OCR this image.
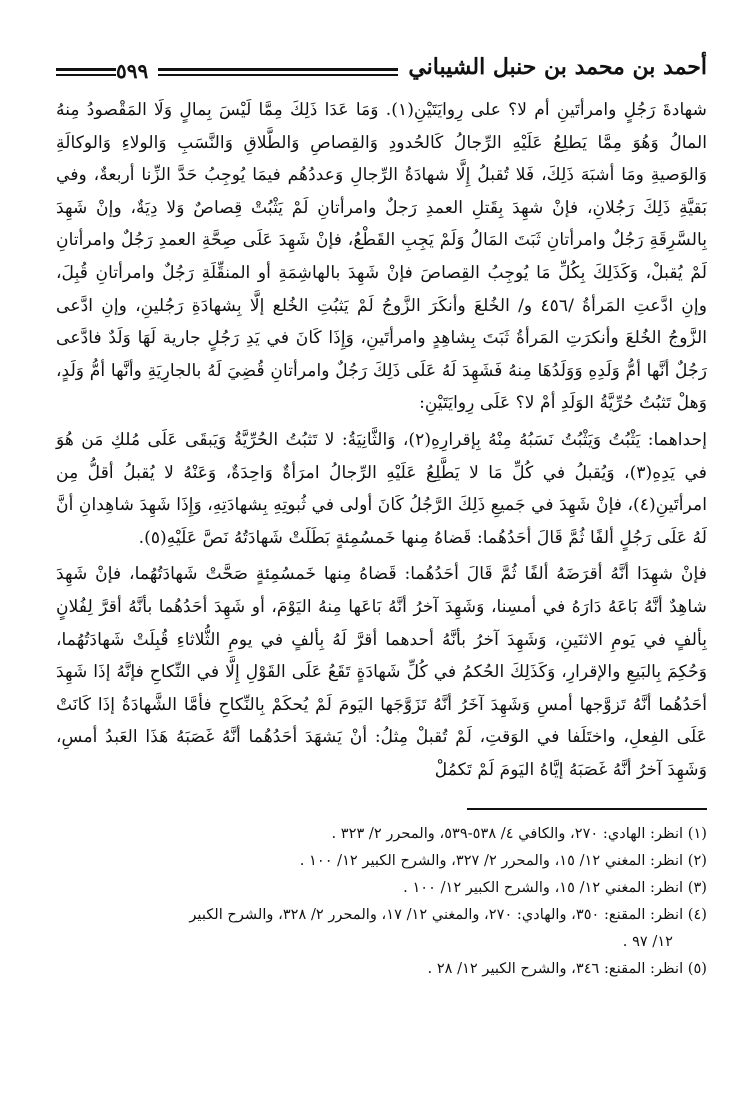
أحمد بن محمد بن حنبل الشيباني
٥٩٩

شهادةَ رَجُلٍ وامرأتَينِ أم لا؟ على رِوايَتَيْنِ(١). وَمَا عَدَا ذَلِكَ مِمَّا لَيْسَ بِمالٍ وَلَا المَقْصودُ مِنهُ المالُ وَهُوَ مِمَّا يَطلِعُ عَلَيْهِ الرِّجالُ كَالحُدودِ وَالقِصاصِ وَالطَّلاقِ وَالنَّسَبِ وَالولاءِ وَالوكالَةِ وَالوَصيةِ ومَا أشبَهَ ذَلِكَ، فَلا تُقبلُ إِلَّا شهادَةُ الرِّجالِ وَعددُهُم فيمَا يُوجِبُ حَدَّ الزِّنا أربعةٌ، وفي بَقيَّةِ ذَلِكَ رَجُلانِ، فإنْ شهِدَ بِقَتلِ العمدِ رَجلٌ وامرأتانِ لَمْ يَثْبُتْ قِصاصٌ وَلا دِيَةٌ، وإنْ شَهِدَ بِالسَّرِقَةِ رَجُلٌ وامرأتانِ ثَبَتَ المَالُ وَلَمْ يَجِبِ القَطْعُ، فإنْ شَهِدَ عَلَى صِحَّةِ العمدِ رَجُلٌ وامرأتانِ لَمْ يُقبلْ، وَكَذَلِكَ بِكُلِّ مَا يُوجِبُ القِصاصَ فإنْ شَهِدَ بالهاشِمَةِ أو المنقِّلَةِ رَجُلٌ وامرأتانِ قُبِلَ، وإنِ ادَّعتِ المَرأةُ /٤٥٦ و/ الخُلعَ وأنكَرَ الزَّوجُ لَمْ يَثبُتِ الخُلع إلَّا بِشهادَةِ رَجُلينِ، وإنِ ادَّعى الزَّوجُ الخُلعَ وأنكرَتِ المَرأةُ ثَبَتَ بِشاهِدٍ وامرأتَينِ، وَإِذَا كَانَ في يَدِ رَجُلٍ جارية لَهَا وَلَدٌ فادَّعى رَجُلٌ أنَّها أمُّ وَلَدِهِ وَوَلَدُهَا مِنهُ فَشَهِدَ لَهُ عَلَى ذَلِكَ رَجُلٌ وامرأتانِ قُضِيَ لَهُ بالجارِيَةِ وأنَّها أمُّ وَلَدٍ، وَهلْ تَثبُتُ حُرِّيَّةُ الوَلَدِ أمْ لا؟ عَلَى رِوايَتَيْنِ:

إحداهما: يَثْبُتُ وَيَثْبُتُ نَسَبُهُ مِنْهُ بِإقرارِهِ(٢)، وَالثَّانِيَةُ: لا تَثبُتُ الحُرِّيَّةُ وَيَبقَى عَلَى مُلكِ مَن هُوَ في يَدِهِ(٣)، وَيُقبلُ في كُلِّ مَا لا يَطَّلِعُ عَلَيْهِ الرِّجالُ امرَأةٌ وَاحِدَةٌ، وَعَنْهُ لا يُقبلُ أقلُّ مِن امرأتَينِ(٤)، فإنْ شَهِدَ في جَميعِ ذَلِكَ الرَّجُلُ كَانَ أولى في ثُبوتِهِ بِشهادَتِهِ، وَإِذَا شَهِدَ شاهِدانِ أنَّ لَهُ عَلَى رَجُلٍ ألفًا ثُمَّ قَالَ أحَدُهُما: قَضاهُ مِنها خَمسُمِئةٍ بَطَلَتْ شَهادَتُهُ نَصَّ عَلَيْهِ(٥).

فإنْ شهِدَا أنَّهُ أقرَضَهُ ألفًا ثُمَّ قَالَ أحَدُهُما: قَضاهُ مِنها خَمسُمِئةٍ صَحَّتْ شَهادَتُهُما، فإنْ شَهِدَ شاهِدٌ أنَّهُ بَاعَهُ دَارَهُ في أمسِنا، وَشَهِدَ آخرُ أنَّهُ بَاعَها مِنهُ اليَوْمَ، أو شَهِدَ أحَدُهُما بأنَّهُ أقرَّ لِفُلانٍ بِألفٍ في يَومِ الاثنَينِ، وَشَهِدَ آخرُ بأنَّهُ أحدهما أقرَّ لَهُ بِألفٍ في يومِ الثُّلاثاءِ قُبِلَتْ شَهادَتُهُما، وَحُكِمَ بِالبَيعِ والإقرارِ، وَكَذَلِكَ الحُكمُ في كُلِّ شَهادَةٍ تَقَعُ عَلَى القَوْلِ إِلَّا في النِّكاحِ فإنَّهُ إذَا شَهِدَ أحَدُهُما أنَّهُ تَزوَّجها أمسِ وَشَهِدَ آخَرُ أنَّهُ تَزَوَّجَها اليَومَ لَمْ يُحكَمْ بِالنِّكاحِ فأمَّا الشَّهادَةُ إذَا كَانَتْ عَلَى الفِعلِ، واختَلَفا في الوَقتِ، لَمْ تُقبلْ مِثلُ: أنْ يَشهَدَ أحَدُهُما أنَّهُ غَصَبَهُ هَذَا العَبدُ أمسِ، وَشَهِدَ آخرُ أنَّهُ غَصَبَهُ إيَّاهُ اليَومَ لَمْ تَكمُلْ

(١) انظر: الهادي: ٢٧٠، والكافي ٤/ ٥٣٨-٥٣٩، والمحرر ٢/ ٣٢٣ .

(٢) انظر: المغني ١٢/ ١٥، والمحرر ٢/ ٣٢٧، والشرح الكبير ١٢/ ١٠٠ .

(٣) انظر: المغني ١٢/ ١٥، والشرح الكبير ١٢/ ١٠٠ .

(٤) انظر: المقنع: ٣٥٠، والهادي: ٢٧٠، والمغني ١٢/ ١٧، والمحرر ٢/ ٣٢٨، والشرح الكبير

١٢/ ٩٧ .

(٥) انظر: المقنع: ٣٤٦، والشرح الكبير ١٢/ ٢٨ .
